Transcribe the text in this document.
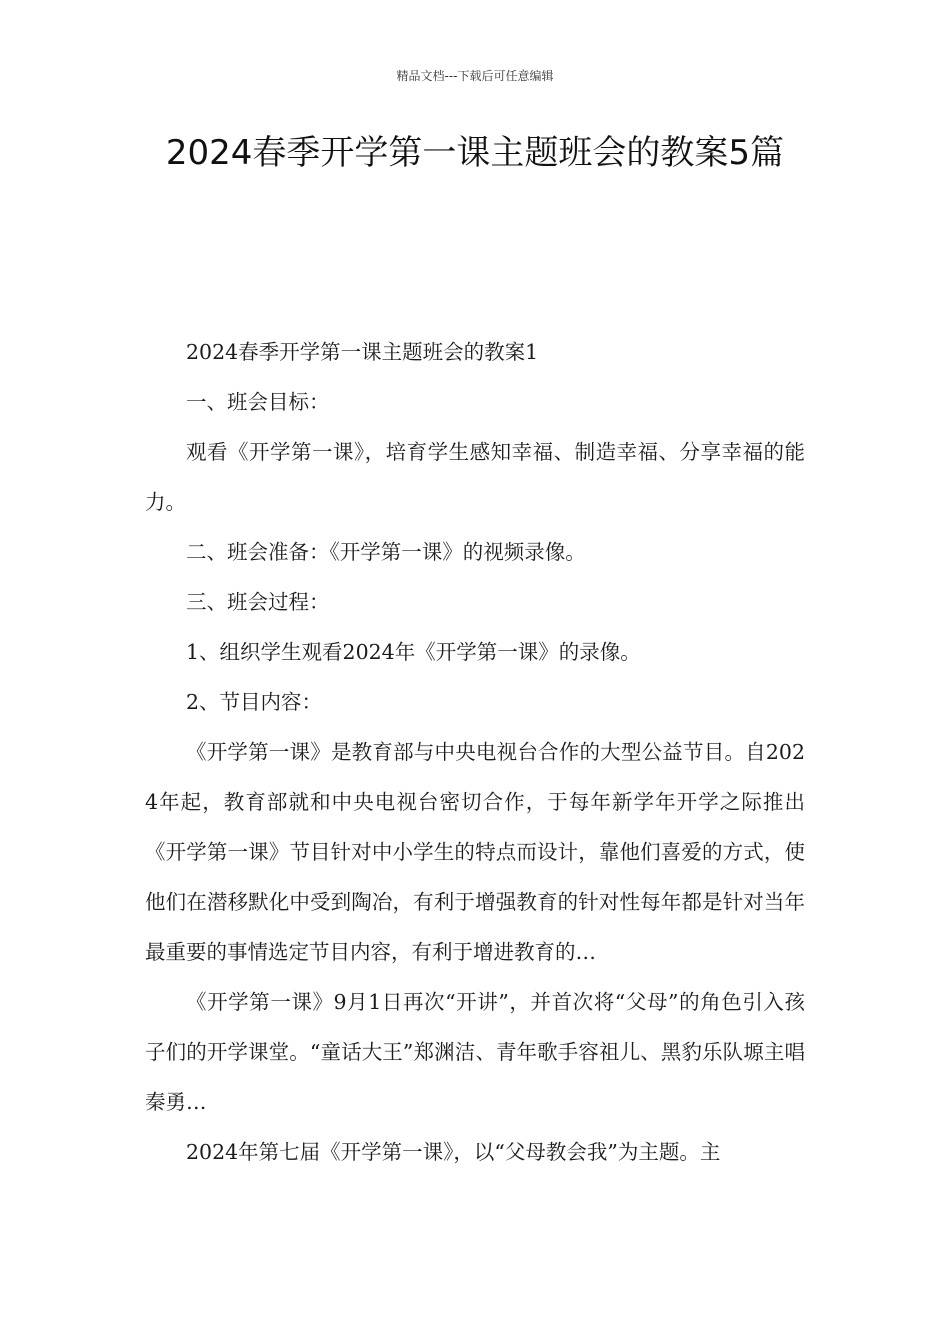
精品文档---下载后可任意编辑
2024春季开学第一课主题班会的教案5篇

2024春季开学第一课主题班会的教案1

一、班会目标：

观看《开学第一课》，培育学生感知幸福、制造幸福、分享幸福的能力。

二、班会准备：《开学第一课》的视频录像。

三、班会过程：

1、组织学生观看2024年《开学第一课》的录像。

2、节目内容：

《开学第一课》是教育部与中央电视台合作的大型公益节目。自2024年起，教育部就和中央电视台密切合作，于每年新学年开学之际推出《开学第一课》节目针对中小学生的特点而设计，靠他们喜爱的方式，使他们在潜移默化中受到陶冶，有利于增强教育的针对性每年都是针对当年最重要的事情选定节目内容，有利于增进教育的…

《开学第一课》9月1日再次“开讲”，并首次将“父母”的角色引入孩子们的开学课堂。“童话大王”郑渊洁、青年歌手容祖儿、黑豹乐队塬主唱秦勇…

2024年第七届《开学第一课》，以“父母教会我”为主题。主
